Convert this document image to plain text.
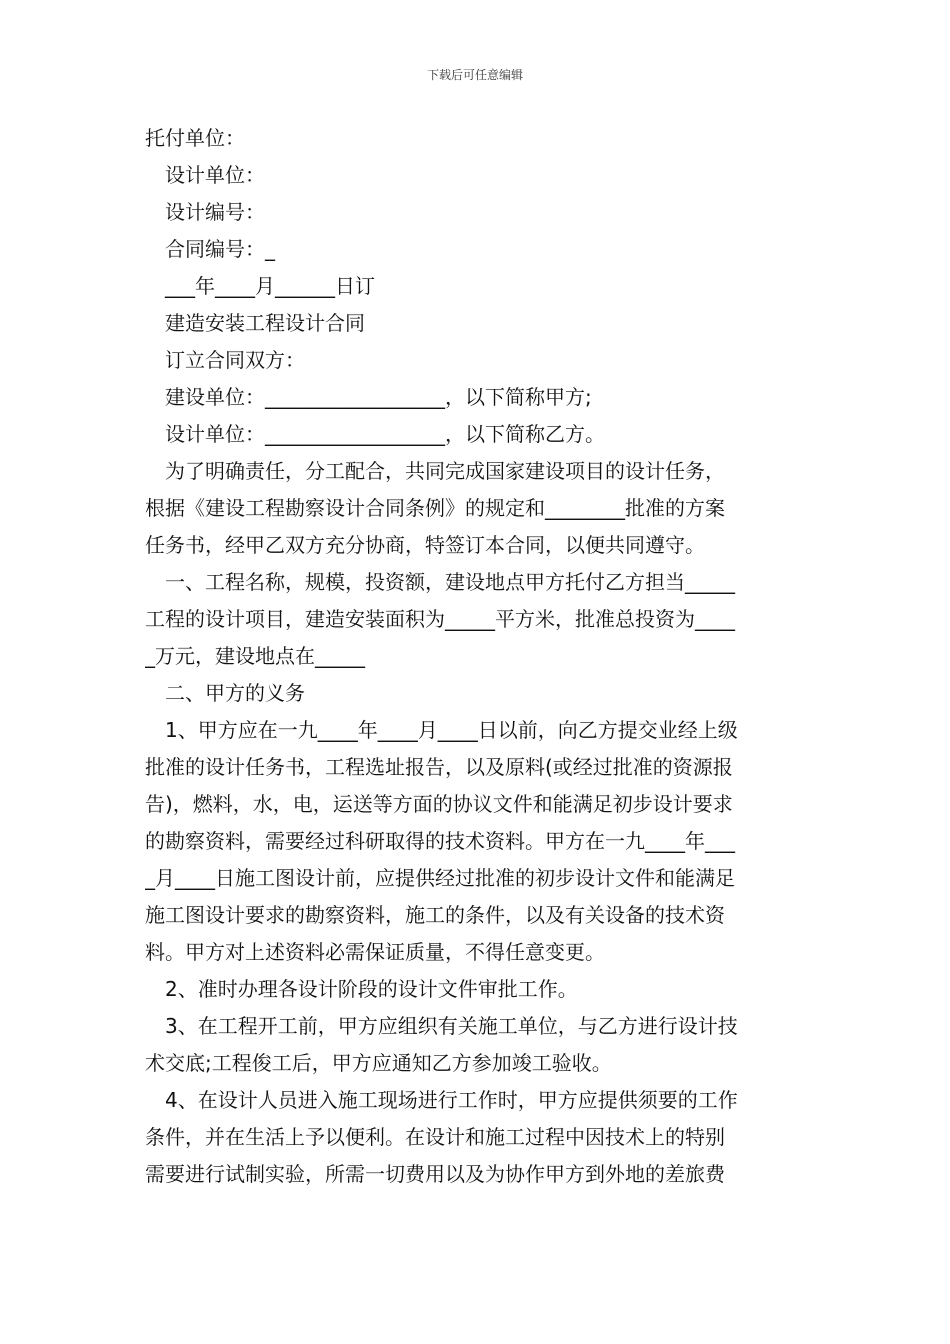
下载后可任意编辑
托付单位：
设计单位：
设计编号：
合同编号：_
___年____月______日订
建造安装工程设计合同
订立合同双方：
建设单位：__________________，以下简称甲方;
设计单位：__________________，以下简称乙方。
为了明确责任，分工配合，共同完成国家建设项目的设计任务，
根据《建设工程勘察设计合同条例》的规定和________批准的方案
任务书，经甲乙双方充分协商，特签订本合同，以便共同遵守。
一、工程名称，规模，投资额，建设地点甲方托付乙方担当_____
工程的设计项目，建造安装面积为_____平方米，批准总投资为____
_万元，建设地点在_____
二、甲方的义务
1、甲方应在一九____年____月____日以前，向乙方提交业经上级
批准的设计任务书，工程选址报告，以及原料(或经过批准的资源报
告)，燃料，水，电，运送等方面的协议文件和能满足初步设计要求
的勘察资料，需要经过科研取得的技术资料。甲方在一九____年___
_月____日施工图设计前，应提供经过批准的初步设计文件和能满足
施工图设计要求的勘察资料，施工的条件，以及有关设备的技术资
料。甲方对上述资料必需保证质量，不得任意变更。
2、准时办理各设计阶段的设计文件审批工作。
3、在工程开工前，甲方应组织有关施工单位，与乙方进行设计技
术交底;工程俊工后，甲方应通知乙方参加竣工验收。
4、在设计人员进入施工现场进行工作时，甲方应提供须要的工作
条件，并在生活上予以便利。在设计和施工过程中因技术上的特别
需要进行试制实验，所需一切费用以及为协作甲方到外地的差旅费
